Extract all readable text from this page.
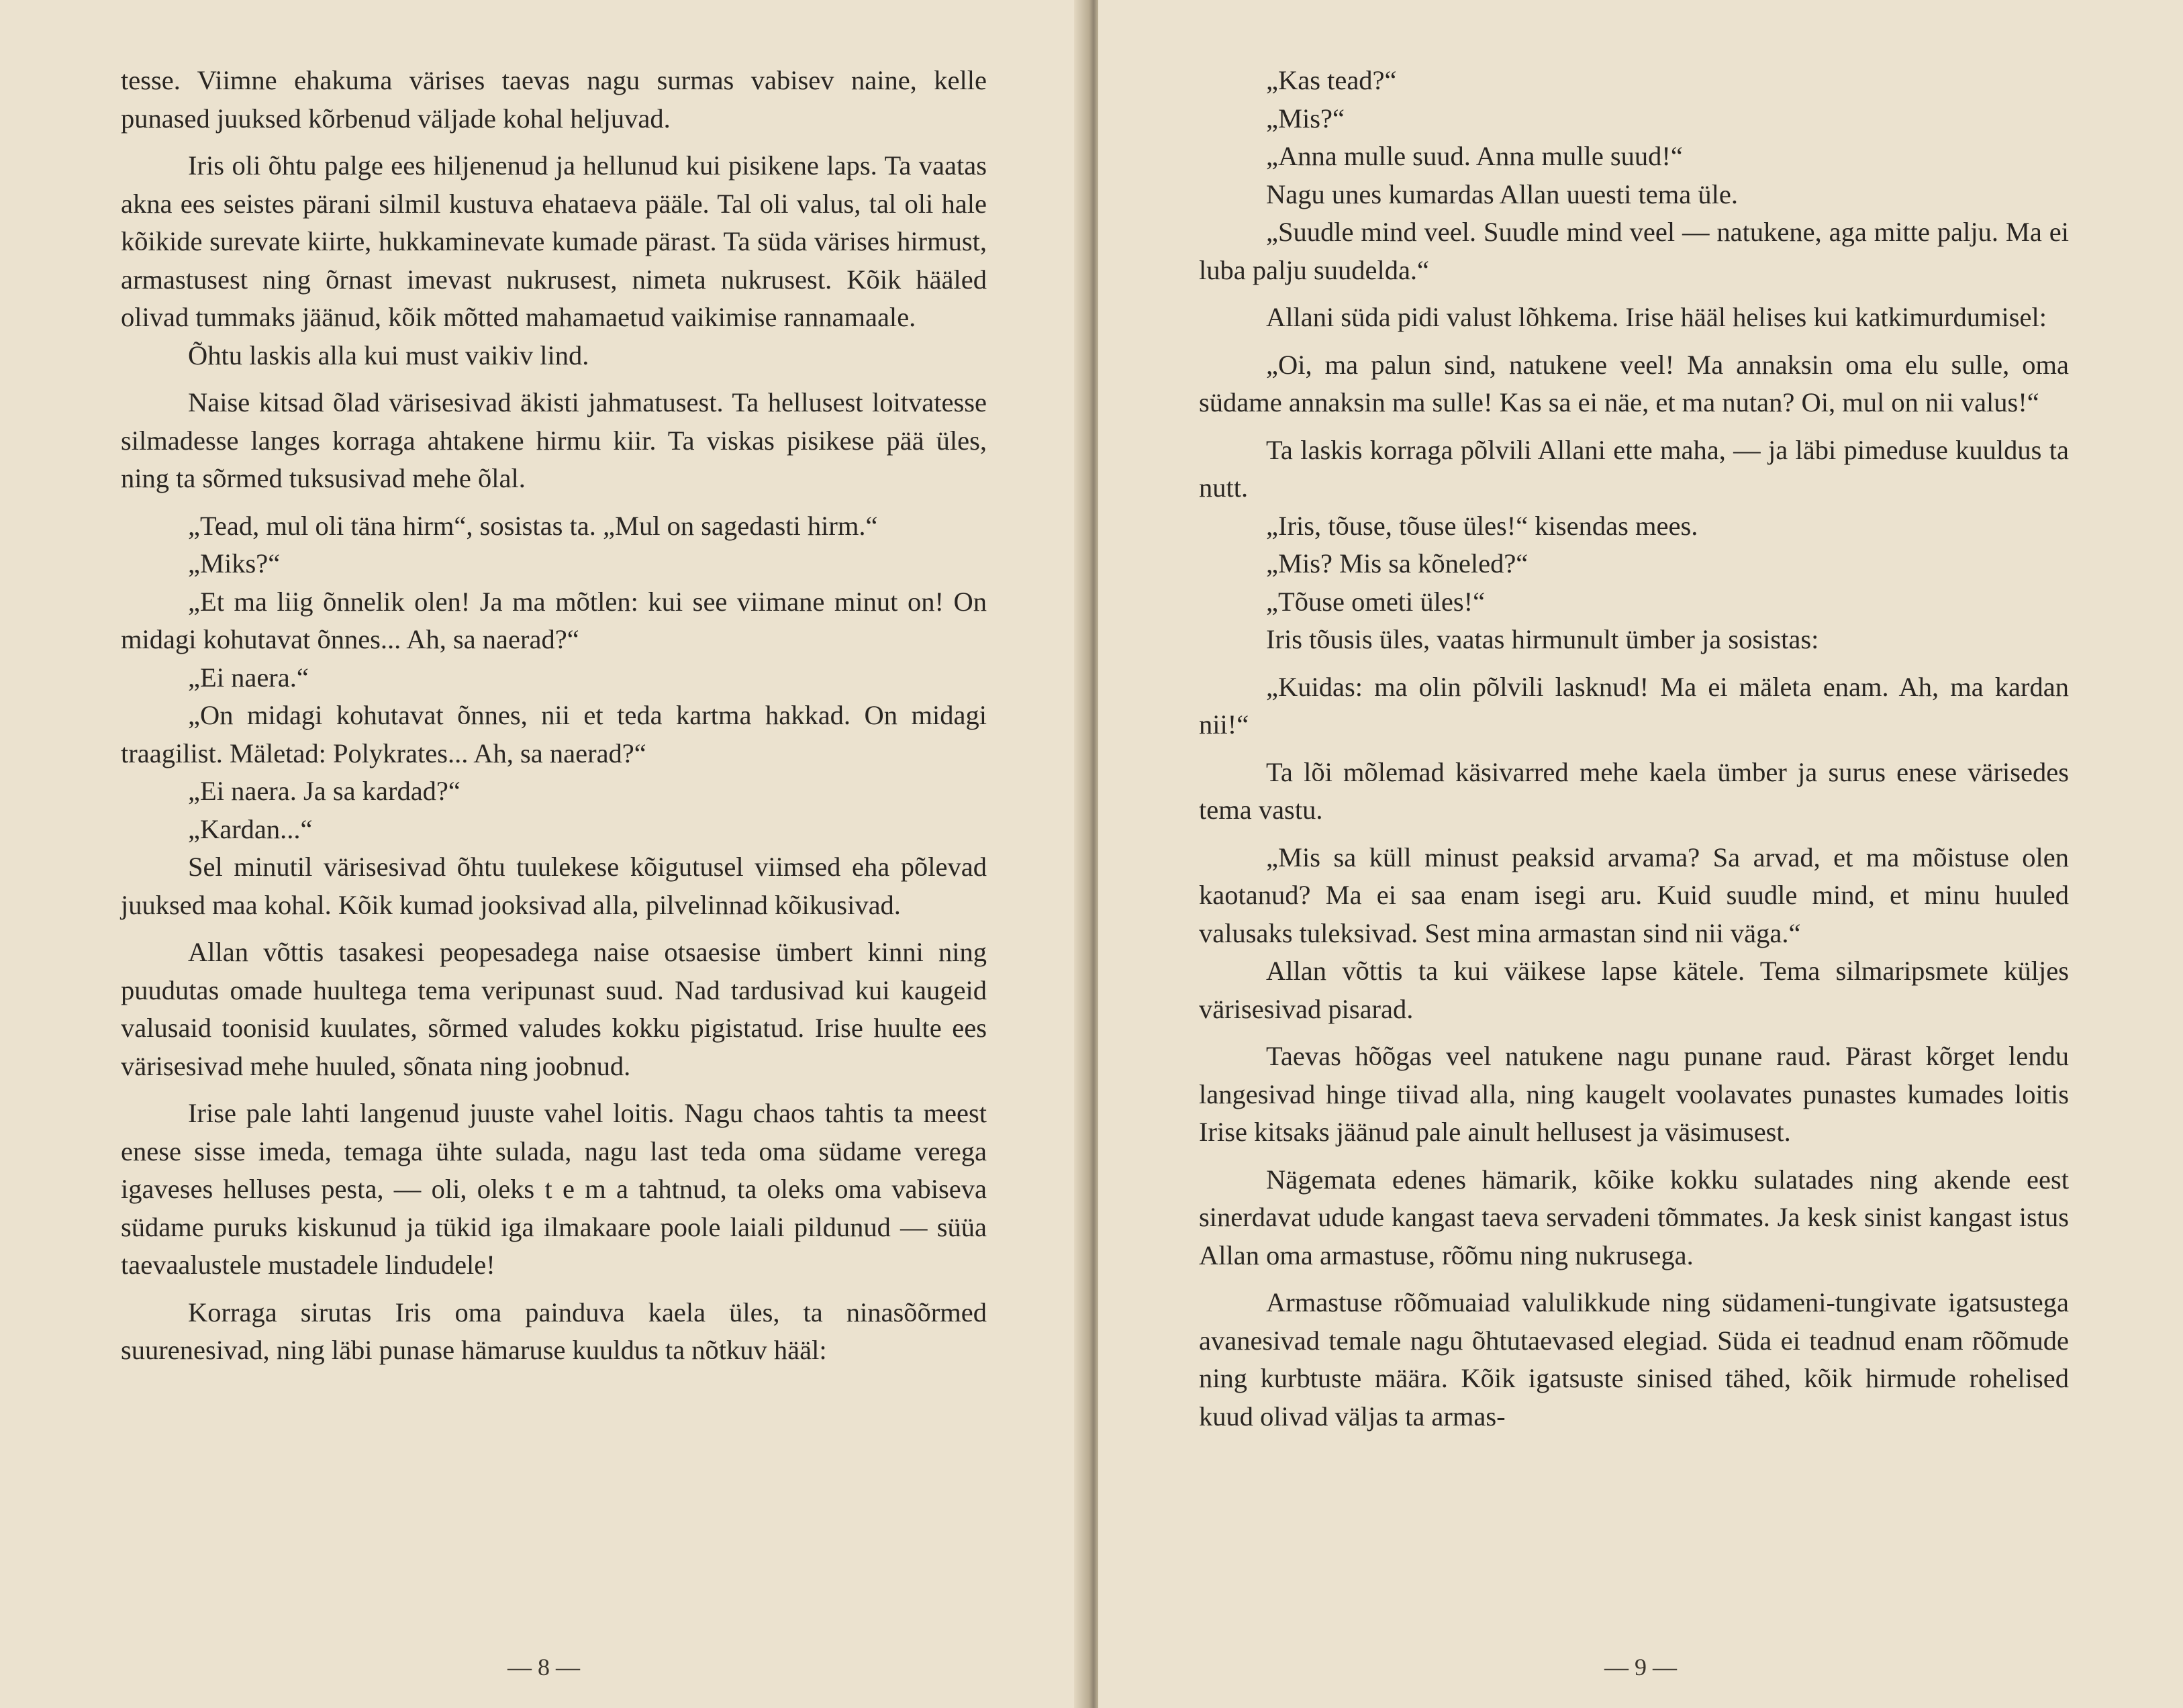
tesse. Viimne ehakuma värises taevas nagu surmas vabisev naine, kelle punased juuksed kõrbenud väljade kohal heljuvad.

Iris oli õhtu palge ees hiljenenud ja hellunud kui pisikene laps. Ta vaatas akna ees seistes pärani silmil kustuva ehataeva pääle. Tal oli valus, tal oli hale kõikide surevate kiirte, hukkaminevate kumade pärast. Ta süda värises hirmust, armastusest ning õrnast imevast nukrusest, nimeta nukrusest. Kõik hääled olivad tummaks jäänud, kõik mõtted mahamaetud vaikimise rannamaale.

Õhtu laskis alla kui must vaikiv lind.

Naise kitsad õlad värisesivad äkisti jahmatusest. Ta hellusest loitvatesse silmadesse langes korraga ahtakene hirmu kiir. Ta viskas pisikese pää üles, ning ta sõrmed tuksusivad mehe õlal.

„Tead, mul oli täna hirm“, sosistas ta. „Mul on sagedasti hirm.“

„Miks?“

„Et ma liig õnnelik olen! Ja ma mõtlen: kui see viimane minut on! On midagi kohutavat õnnes... Ah, sa naerad?“

„Ei naera.“

„On midagi kohutavat õnnes, nii et teda kartma hakkad. On midagi traagilist. Mäletad: Polykrates... Ah, sa naerad?“

„Ei naera. Ja sa kardad?“

„Kardan...“

Sel minutil värisesivad õhtu tuulekese kõigutusel viimsed eha põlevad juuksed maa kohal. Kõik kumad jooksivad alla, pilvelinnad kõikusivad.

Allan võttis tasakesi peopesadega naise otsaesise ümbert kinni ning puudutas omade huultega tema veripunast suud. Nad tardusivad kui kaugeid valusaid toonisid kuulates, sõrmed valudes kokku pigistatud. Irise huulte ees värisesivad mehe huuled, sõnata ning joobnud.

Irise pale lahti langenud juuste vahel loitis. Nagu chaos tahtis ta meest enese sisse imeda, temaga ühte sulada, nagu last teda oma südame verega igaveses helluses pesta, — oli, oleks t e m a tahtnud, ta oleks oma vabiseva südame puruks kiskunud ja tükid iga ilmakaare poole laiali pildunud — süüa taevaalustele mustadele lindudele!

Korraga sirutas Iris oma painduva kaela üles, ta ninasõõrmed suurenesivad, ning läbi punase hämaruse kuuldus ta nõtkuv hääl:

— 8 —

„Kas tead?“

„Mis?“

„Anna mulle suud. Anna mulle suud!“

Nagu unes kumardas Allan uuesti tema üle.

„Suudle mind veel. Suudle mind veel — natukene, aga mitte palju. Ma ei luba palju suudelda.“

Allani süda pidi valust lõhkema. Irise hääl helises kui katkimurdumisel:

„Oi, ma palun sind, natukene veel! Ma annaksin oma elu sulle, oma südame annaksin ma sulle! Kas sa ei näe, et ma nutan? Oi, mul on nii valus!“

Ta laskis korraga põlvili Allani ette maha, — ja läbi pimeduse kuuldus ta nutt.

„Iris, tõuse, tõuse üles!“ kisendas mees.

„Mis? Mis sa kõneled?“

„Tõuse ometi üles!“

Iris tõusis üles, vaatas hirmunult ümber ja sosistas:

„Kuidas: ma olin põlvili lasknud! Ma ei mäleta enam. Ah, ma kardan nii!“

Ta lõi mõlemad käsivarred mehe kaela ümber ja surus enese värisedes tema vastu.

„Mis sa küll minust peaksid arvama? Sa arvad, et ma mõistuse olen kaotanud? Ma ei saa enam isegi aru. Kuid suudle mind, et minu huuled valusaks tuleksivad. Sest mina armastan sind nii väga.“

Allan võttis ta kui väikese lapse kätele. Tema silmaripsmete küljes värisesivad pisarad.

Taevas hõõgas veel natukene nagu punane raud. Pärast kõrget lendu langesivad hinge tiivad alla, ning kaugelt voolavates punastes kumades loitis Irise kitsaks jäänud pale ainult hellusest ja väsimusest.

Nägemata edenes hämarik, kõike kokku sulatades ning akende eest sinerdavat udude kangast taeva servadeni tõmmates. Ja kesk sinist kangast istus Allan oma armastuse, rõõmu ning nukrusega.

Armastuse rõõmuaiad valulikkude ning südameni-tungivate igatsustega avanesivad temale nagu õhtutaevased elegiad. Süda ei teadnud enam rõõmude ning kurbtuste määra. Kõik igatsuste sinised tähed, kõik hirmude rohelised kuud olivad väljas ta armas-

— 9 —
